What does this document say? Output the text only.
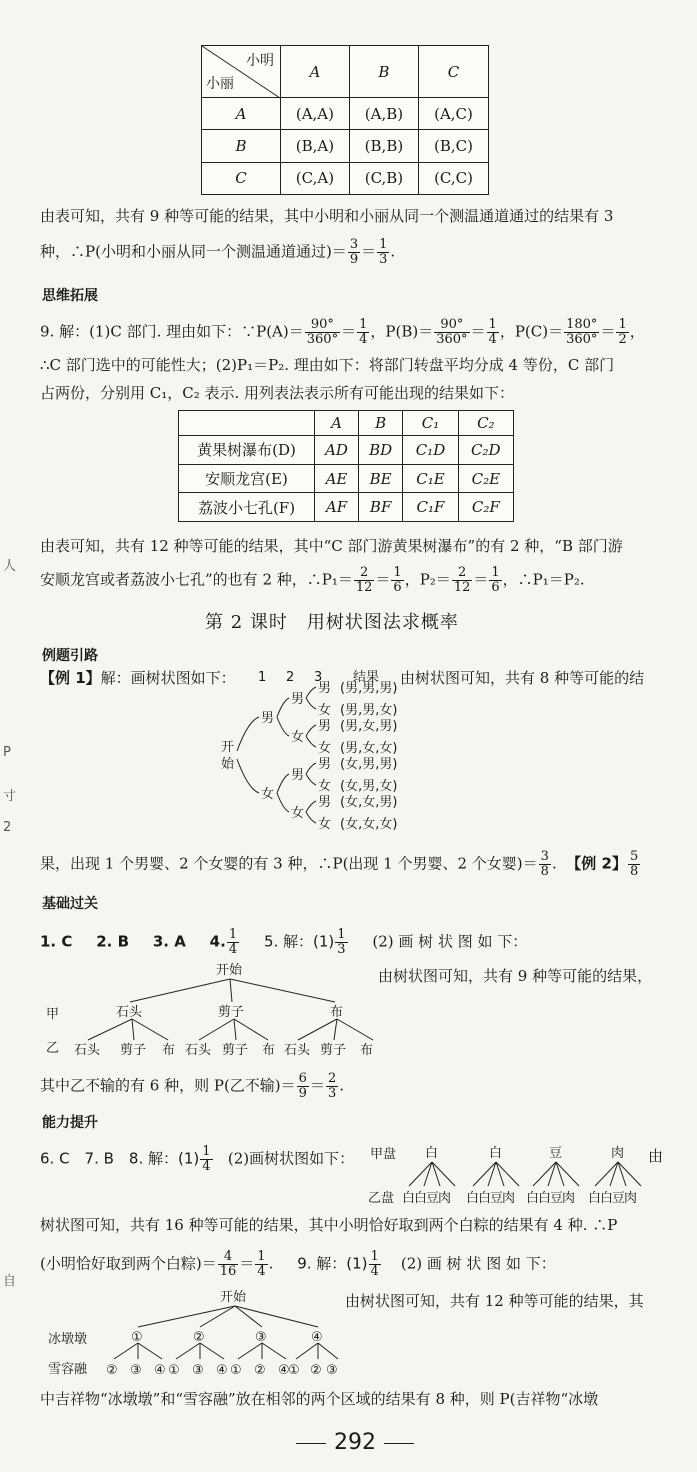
小明
小丽	A	B	C
A	(A,A)	(A,B)	(A,C)
B	(B,A)	(B,B)	(B,C)
C	(C,A)	(C,B)	(C,C)
由表可知，共有 9 种等可能的结果，其中小明和小丽从同一个测温通道通过的结果有 3
种，∴P(小明和小丽从同一个测温通道通过)＝ $\frac{3}{9} = \frac{1}{3}$ .
思维拓展
9. 解：(1)C 部门. 理由如下：∵P(A)＝ $\frac{90^\circ}{360^\circ} = \frac{1}{4}$ ，$P(B)= \frac{90^\circ}{360^\circ} = \frac{1}{4}$ ，$P(C)= \frac{180^\circ}{360^\circ} = \frac{1}{2}$ ，
∴C 部门选中的可能性大；(2)P₁＝P₂. 理由如下：将部门转盘平均分成 4 等份，C 部门
占两份，分别用 C₁，C₂ 表示. 用列表法表示所有可能出现的结果如下：
	A	B	C₁	C₂
黄果树瀑布(D)	AD	BD	C₁D	C₂D
安顺龙宫(E)	AE	BE	C₁E	C₂E
荔波小七孔(F)	AF	BF	C₁F	C₂F
由表可知，共有 12 种等可能的结果，其中“C 部门游黄果树瀑布”的有 2 种，“B 部门游
安顺龙宫或者荔波小七孔”的也有 2 种，∴P₁＝ $\frac{2}{12} = \frac{1}{6}$ ，$P_2= \frac{2}{12} = \frac{1}{6}$ ，∴P₁＝P₂.
第 2 课时　用树状图法求概率
例题引路
【例 1】解：画树状图如下：	由树状图可知，共有 8 种等可能的结
1 2 3 结果
开
始
男
女
男
女
男
女
男
女
男
女
男
女
男
女
(男,男,男)
(男,男,女)
(男,女,男)
(男,女,女)
(女,男,男)
(女,男,女)
(女,女,男)
(女,女,女)
果，出现 1 个男婴、2 个女婴的有 3 种，∴P(出现 1 个男婴、2 个女婴)＝ $\frac{3}{8}$ . 【例 2】 $\frac{5}{8}$
基础过关
1. C 2. B 3. A 4. $\frac{1}{4} 5$. 解：$(1) \frac{1}{3} (2)$ 画 树 状 图 如 下：
由树状图可知，共有 9 种等可能的结果，
开始
甲
乙
石头	剪子	布
石头 剪子 布 石头 剪子 布 石头 剪子 布
其中乙不输的有 6 种，则 P(乙不输)＝ $\frac{6}{9} = \frac{2}{3}$ .
能力提升
6. C　7. B　8. 解：$(1) \frac{1}{4} (2)$画树状图如下：	由
甲盘
乙盘
白	白	豆	肉
白白豆肉 白白豆肉 白白豆肉 白白豆肉
树状图可知，共有 16 种等可能的结果，其中小明恰好取到两个白粽的结果有 4 种. ∴P
(小明恰好取到两个白粽)＝ $\frac{4}{16} = \frac{1}{4}$ . 9. 解：$(1) \frac{1}{4} (2)$ 画 树 状 图 如 下：
由树状图可知，共有 12 种等可能的结果，其
开始
冰墩墩
雪容融
①	②	③	④
② ③ ④ ① ③ ④ ① ② ④
① ② ③
中吉祥物“冰墩墩”和“雪容融”放在相邻的两个区域的结果有 8 种，则 P(吉祥物“冰墩
292
人
P
寸
2
自
